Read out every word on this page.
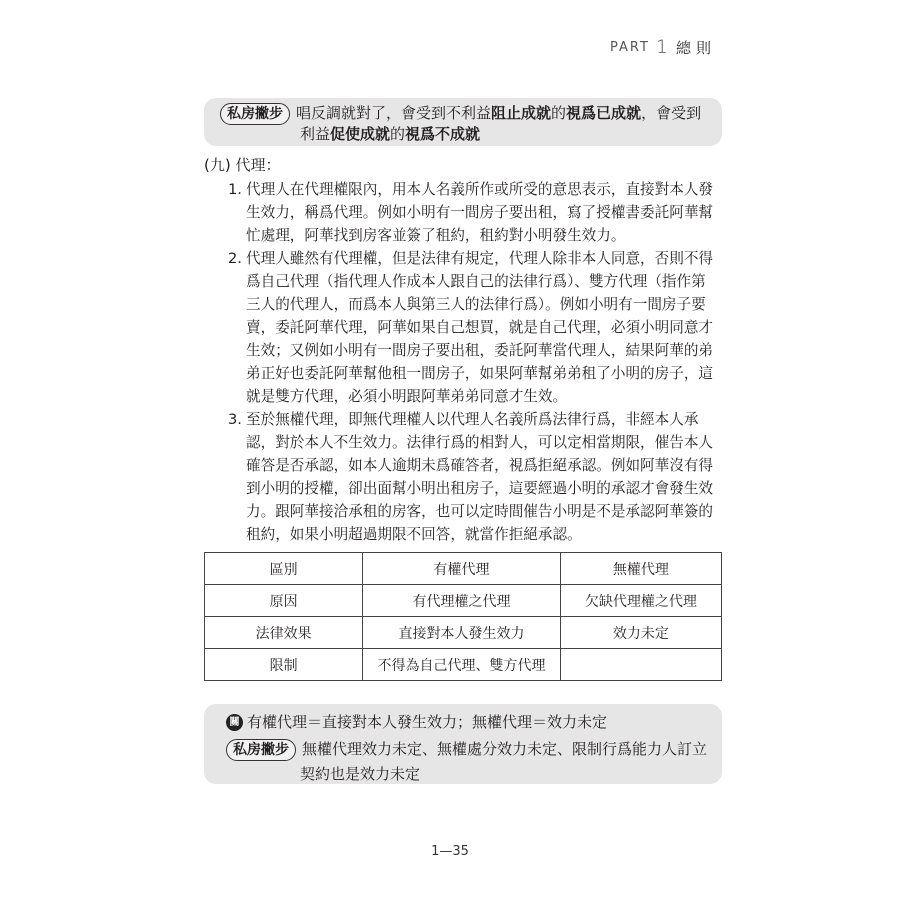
PART 1 總則
私房撇步 唱反調就對了，會受到不利益阻止成就的視爲已成就，會受到
利益促使成就的視爲不成就
(九) 代理：
1. 代理人在代理權限內，用本人名義所作或所受的意思表示，直接對本人發
生效力，稱爲代理。例如小明有一間房子要出租，寫了授權書委託阿華幫
忙處理，阿華找到房客並簽了租約，租約對小明發生效力。
2. 代理人雖然有代理權，但是法律有規定，代理人除非本人同意，否則不得
爲自己代理（指代理人作成本人跟自己的法律行爲）、雙方代理（指作第
三人的代理人，而爲本人與第三人的法律行爲）。例如小明有一間房子要
賣，委託阿華代理，阿華如果自己想買，就是自己代理，必須小明同意才
生效；又例如小明有一間房子要出租，委託阿華當代理人，結果阿華的弟
弟正好也委託阿華幫他租一間房子，如果阿華幫弟弟租了小明的房子，這
就是雙方代理，必須小明跟阿華弟弟同意才生效。
3. 至於無權代理，即無代理權人以代理人名義所爲法律行爲，非經本人承
認，對於本人不生效力。法律行爲的相對人，可以定相當期限，催告本人
確答是否承認，如本人逾期未爲確答者，視爲拒絕承認。例如阿華沒有得
到小明的授權，卻出面幫小明出租房子，這要經過小明的承認才會發生效
力。跟阿華接洽承租的房客，也可以定時間催告小明是不是承認阿華簽的
租約，如果小明超過期限不回答，就當作拒絕承認。
區別	有權代理	無權代理
原因	有代理權之代理	欠缺代理權之代理
法律效果	直接對本人發生效力	效力未定
限制	不得為自己代理、雙方代理	
關 有權代理＝直接對本人發生效力；無權代理＝效力未定
私房撇步 無權代理效力未定、無權處分效力未定、限制行爲能力人訂立
契約也是效力未定
1—35
